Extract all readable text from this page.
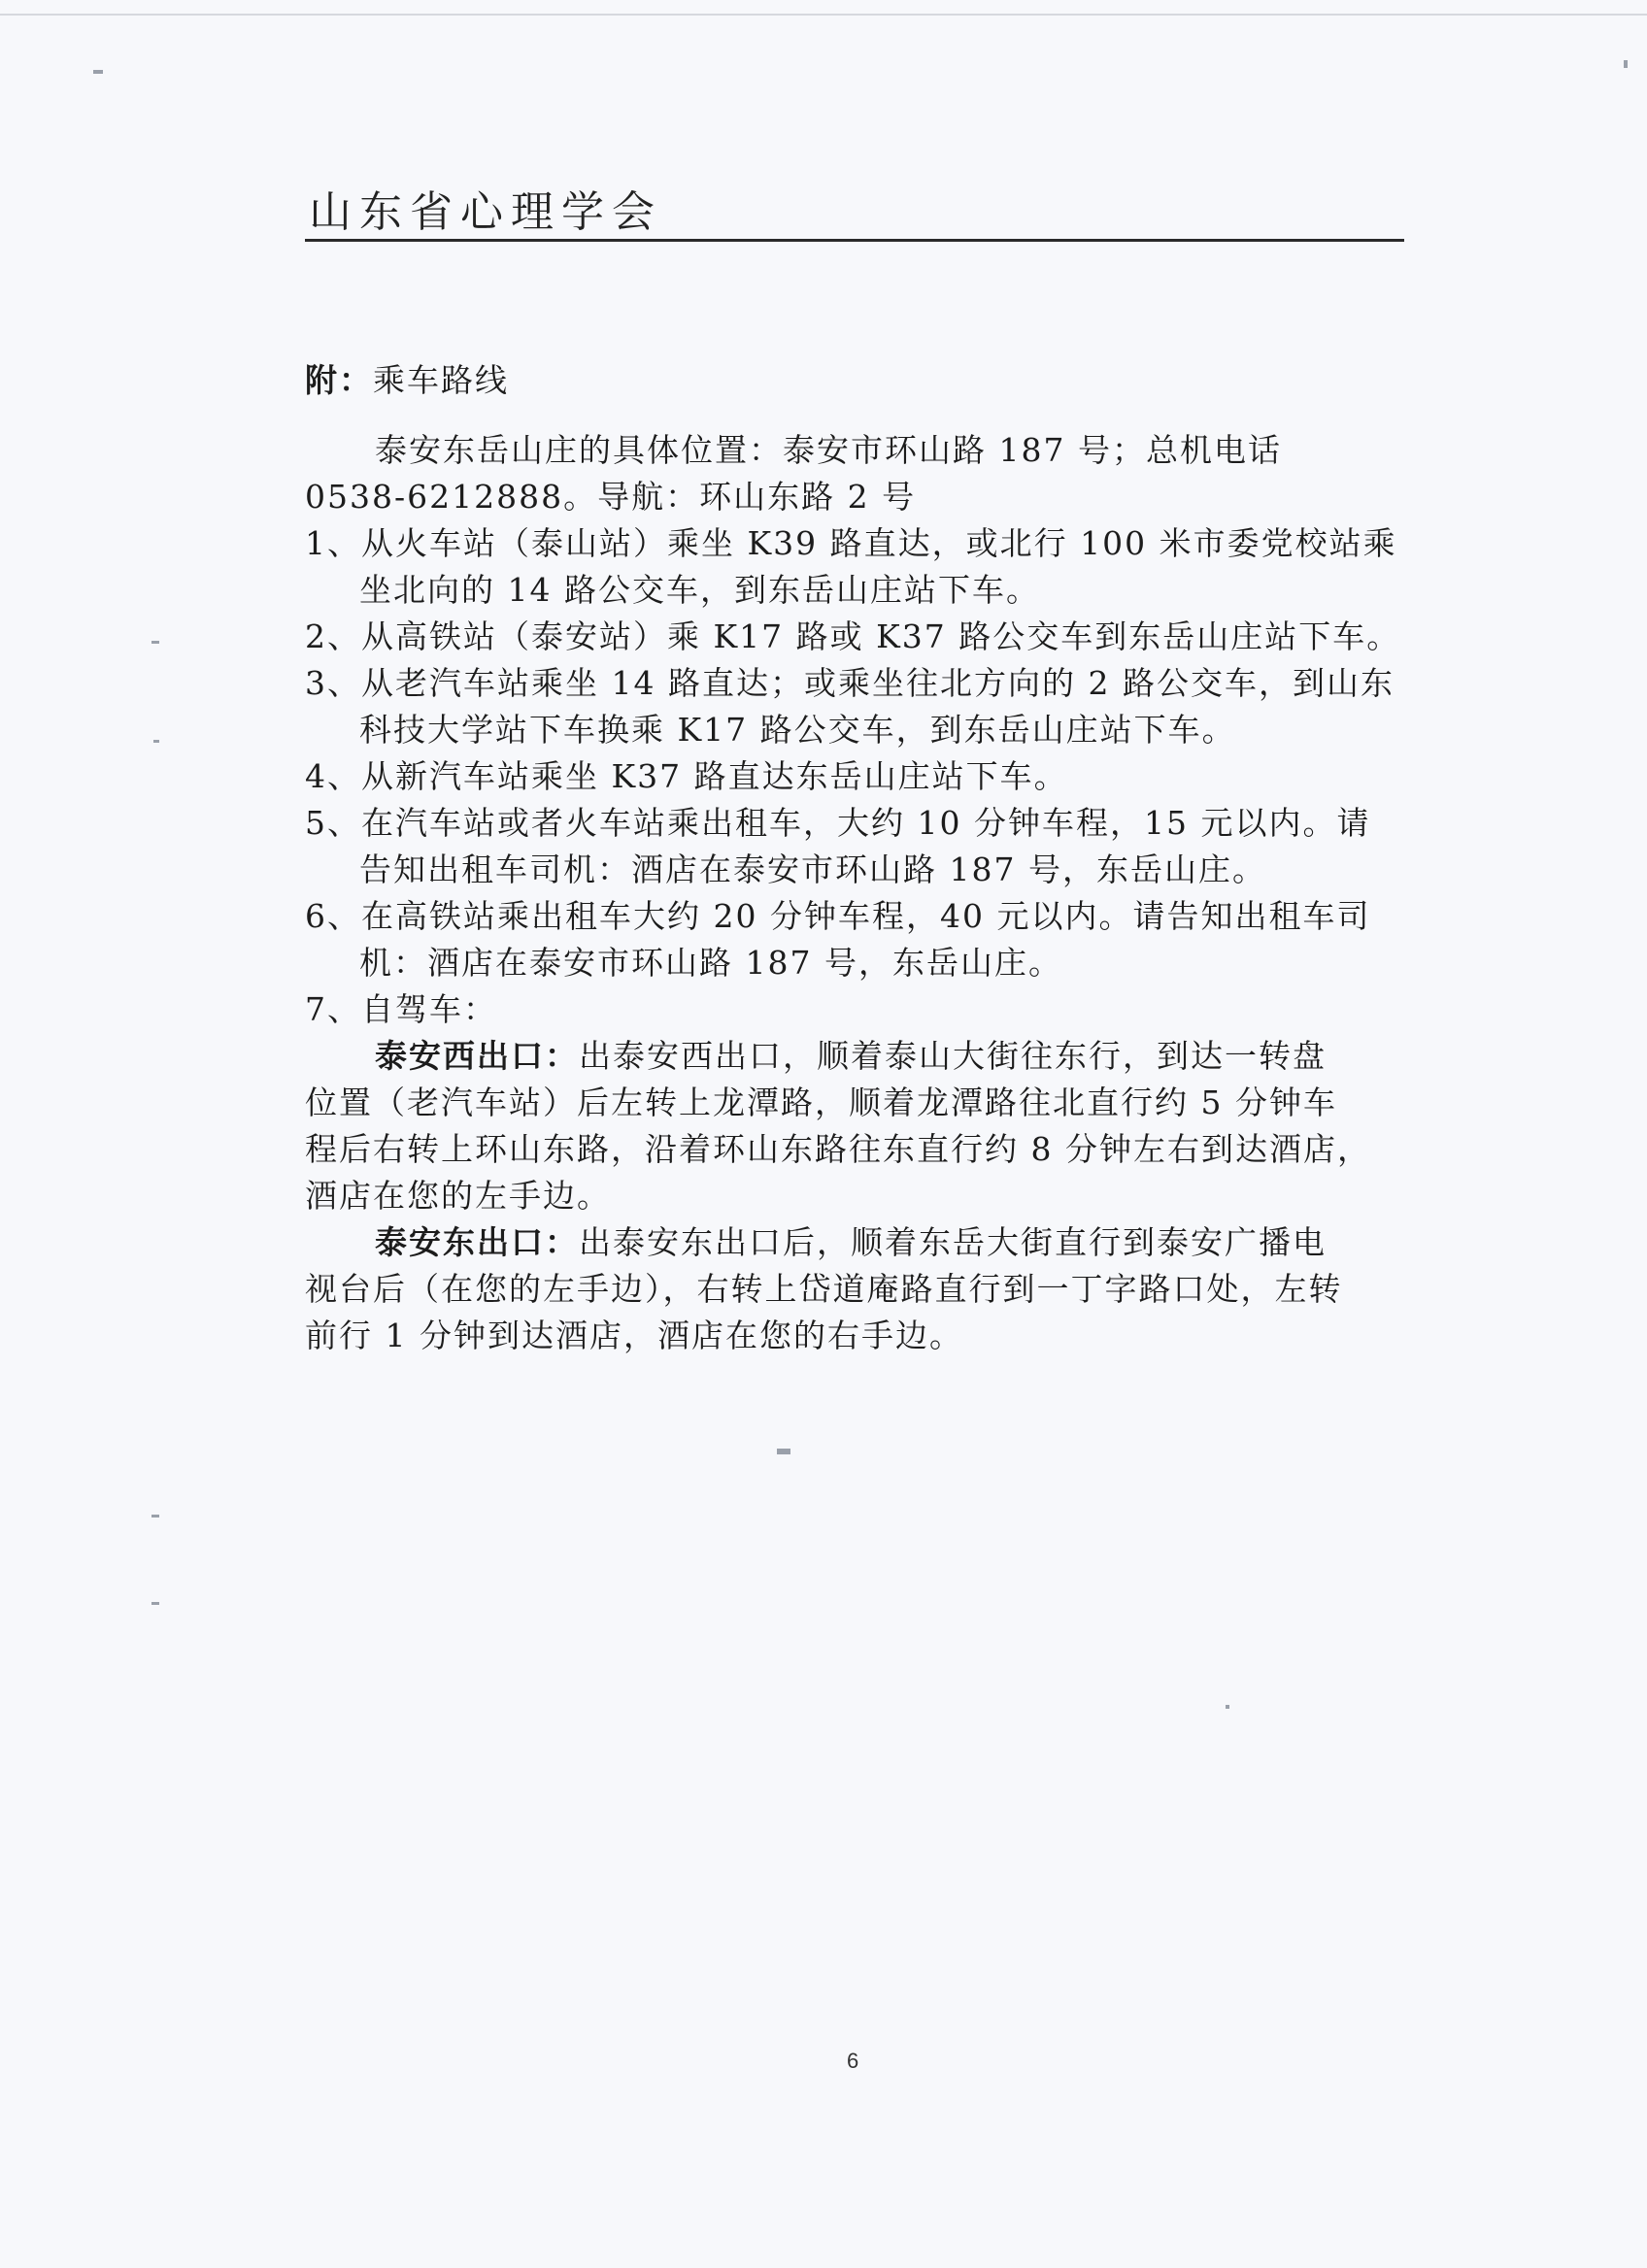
山东省心理学会
附：乘车路线
泰安东岳山庄的具体位置：泰安市环山路 187 号；总机电话
0538-6212888。导航：环山东路 2 号
1、从火车站（泰山站）乘坐 K39 路直达，或北行 100 米市委党校站乘
坐北向的 14 路公交车，到东岳山庄站下车。
2、从高铁站（泰安站）乘 K17 路或 K37 路公交车到东岳山庄站下车。
3、从老汽车站乘坐 14 路直达；或乘坐往北方向的 2 路公交车，到山东
科技大学站下车换乘 K17 路公交车，到东岳山庄站下车。
4、从新汽车站乘坐 K37 路直达东岳山庄站下车。
5、在汽车站或者火车站乘出租车，大约 10 分钟车程，15 元以内。请
告知出租车司机：酒店在泰安市环山路 187 号，东岳山庄。
6、在高铁站乘出租车大约 20 分钟车程，40 元以内。请告知出租车司
机：酒店在泰安市环山路 187 号，东岳山庄。
7、自驾车：
泰安西出口：出泰安西出口，顺着泰山大街往东行，到达一转盘
位置（老汽车站）后左转上龙潭路，顺着龙潭路往北直行约 5 分钟车
程后右转上环山东路，沿着环山东路往东直行约 8 分钟左右到达酒店，
酒店在您的左手边。
泰安东出口：出泰安东出口后，顺着东岳大街直行到泰安广播电
视台后（在您的左手边），右转上岱道庵路直行到一丁字路口处，左转
前行 1 分钟到达酒店，酒店在您的右手边。
6
